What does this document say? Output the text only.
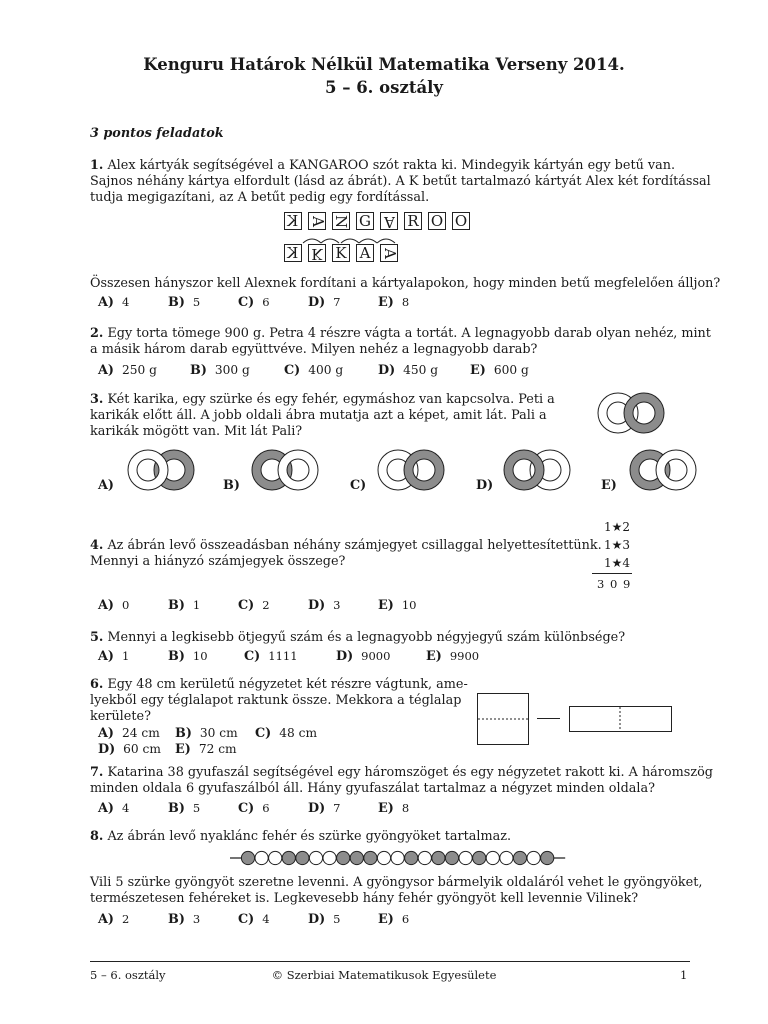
Kenguru Határok Nélkül Matematika Verseny 2014.
5 – 6. osztály
3 pontos feladatok
1. Alex kártyák segítségével a KANGAROO szót rakta ki. Mindegyik kártyán egy betű van.
Sajnos néhány kártya elfordult (lásd az ábrát). A K betűt tartalmazó kártyát Alex két fordítással
tudja megigazítani, az A betűt pedig egy fordítással.
K A N G A R O O
K K K A A
Összesen hányszor kell Alexnek fordítani a kártyalapokon, hogy minden betű megfelelően álljon?
A) 4	B) 5	C) 6	D) 7	E) 8
2. Egy torta tömege 900 g. Petra 4 részre vágta a tortát. A legnagyobb darab olyan nehéz, mint
a másik három darab együttvéve. Milyen nehéz a legnagyobb darab?
A) 250 g	B) 300 g	C) 400 g	D) 450 g E) 600 g
3. Két karika, egy szürke és egy fehér, egymáshoz van kapcsolva. Peti a
karikák előtt áll. A jobb oldali ábra mutatja azt a képet, amit lát. Pali a
karikák mögött van. Mit lát Pali?
A)	B)	C)	D)	E)
4. Az ábrán levő összeadásban néhány számjegyet csillaggal helyettesítettünk.
Mennyi a hiányzó számjegyek összege?
1★2
1★3
1★4
3 0 9
A) 0	B) 1	C) 2	D) 3	E) 10
5. Mennyi a legkisebb ötjegyű szám és a legnagyobb négyjegyű szám különbsége?
A) 1	B) 10	C) 1111	D) 9000	E) 9900
6. Egy 48 cm kerületű négyzetet két részre vágtunk, ame-
lyekből egy téglalapot raktunk össze. Mekkora a téglalap
kerülete?
A) 24 cm B) 30 cm C) 48 cm
D) 60 cm E) 72 cm
7. Katarina 38 gyufaszál segítségével egy háromszöget és egy négyzetet rakott ki. A háromszög
minden oldala 6 gyufaszálból áll. Hány gyufaszálat tartalmaz a négyzet minden oldala?
A) 4	B) 5	C) 6	D) 7	E) 8
8. Az ábrán levő nyaklánc fehér és szürke gyöngyöket tartalmaz.
Vili 5 szürke gyöngyöt szeretne levenni. A gyöngysor bármelyik oldaláról vehet le gyöngyöket,
természetesen fehéreket is. Legkevesebb hány fehér gyöngyöt kell levennie Vilinek?
A) 2	B) 3	C) 4	D) 5	E) 6
5 – 6. osztály	© Szerbiai Matematikusok Egyesülete	1
